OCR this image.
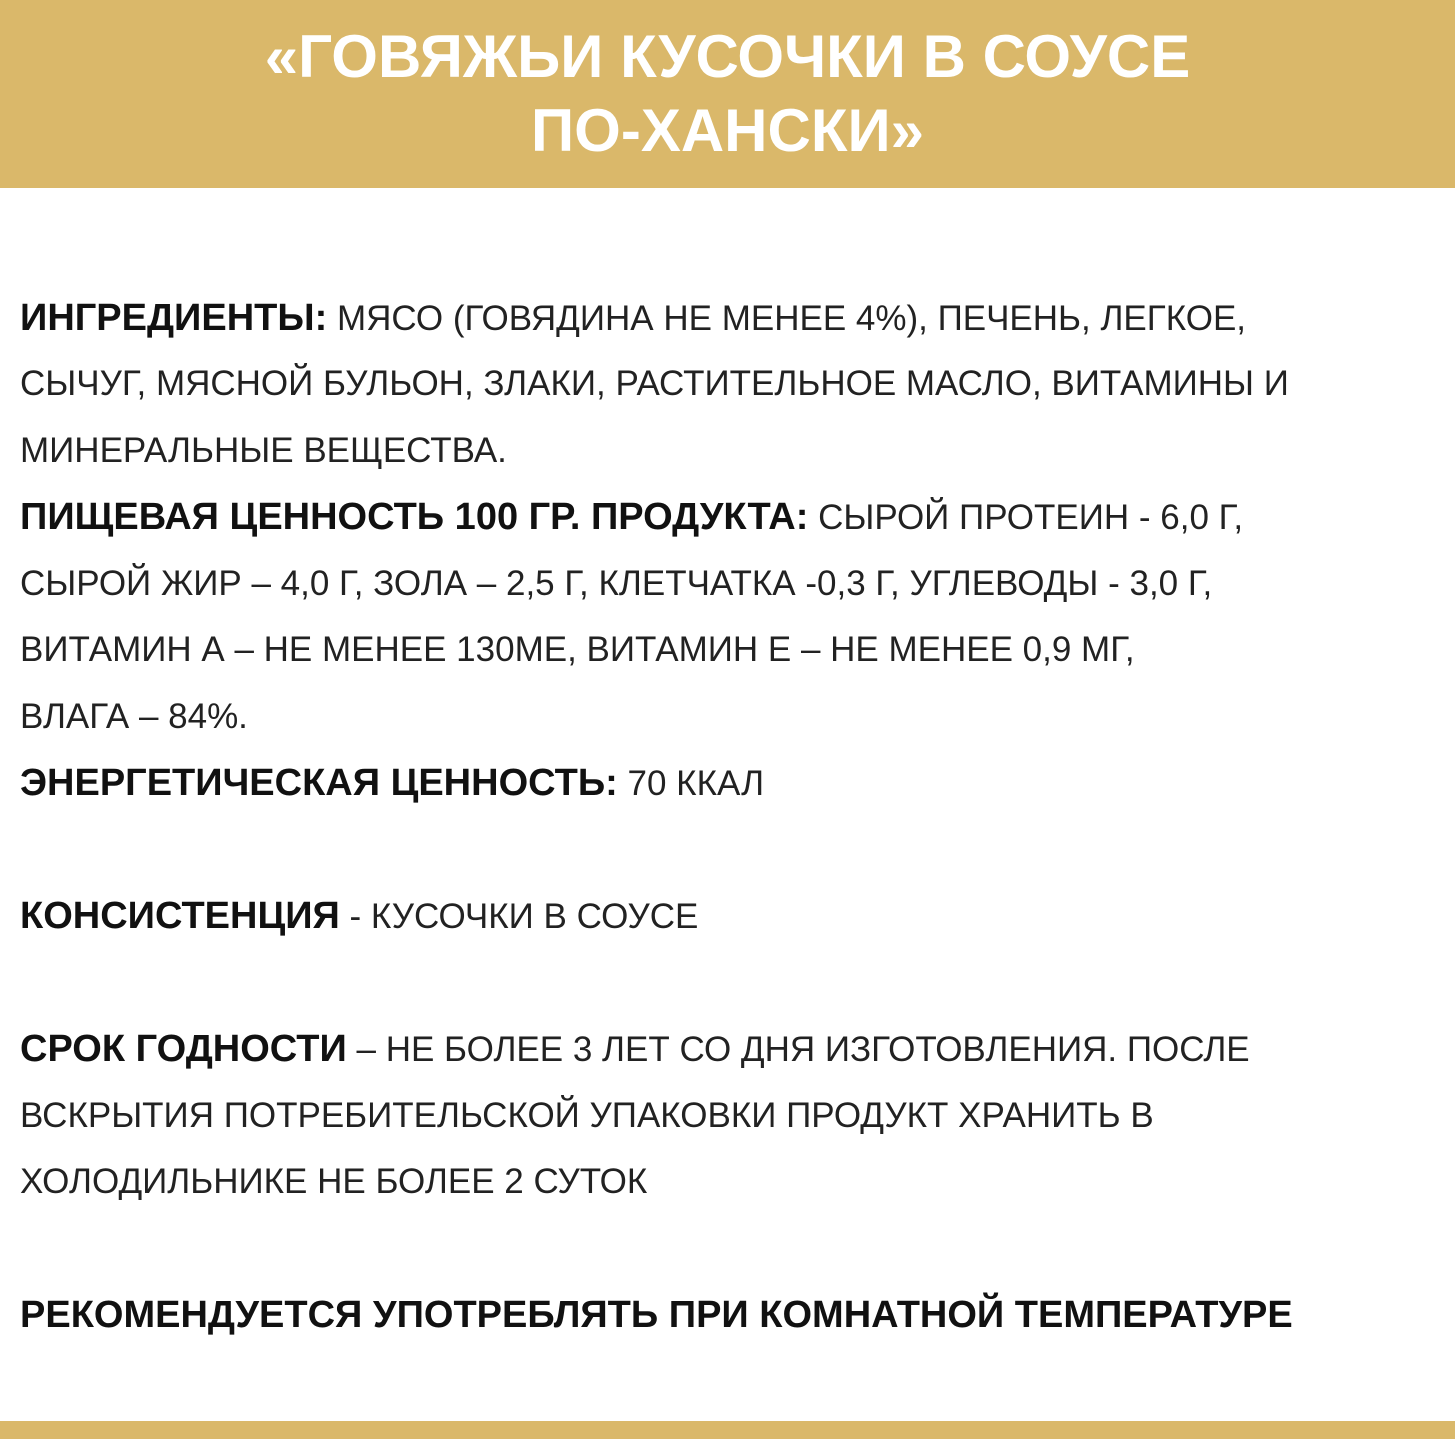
«ГОВЯЖЬИ КУСОЧКИ В СОУСЕ
ПО-ХАНСКИ»
ИНГРЕДИЕНТЫ: МЯСО (ГОВЯДИНА НЕ МЕНЕЕ 4%), ПЕЧЕНЬ, ЛЕГКОЕ,
СЫЧУГ, МЯСНОЙ БУЛЬОН, ЗЛАКИ, РАСТИТЕЛЬНОЕ МАСЛО, ВИТАМИНЫ И
МИНЕРАЛЬНЫЕ ВЕЩЕСТВА.
ПИЩЕВАЯ ЦЕННОСТЬ 100 ГР. ПРОДУКТА: СЫРОЙ ПРОТЕИН - 6,0 Г,
СЫРОЙ ЖИР – 4,0 Г, ЗОЛА – 2,5 Г, КЛЕТЧАТКА -0,3 Г, УГЛЕВОДЫ - 3,0 Г,
ВИТАМИН А – НЕ МЕНЕЕ 130МЕ, ВИТАМИН Е – НЕ МЕНЕЕ 0,9 МГ,
ВЛАГА – 84%.
ЭНЕРГЕТИЧЕСКАЯ ЦЕННОСТЬ: 70 ККАЛ
КОНСИСТЕНЦИЯ - КУСОЧКИ В СОУСЕ
СРОК ГОДНОСТИ – НЕ БОЛЕЕ 3 ЛЕТ СО ДНЯ ИЗГОТОВЛЕНИЯ. ПОСЛЕ
ВСКРЫТИЯ ПОТРЕБИТЕЛЬСКОЙ УПАКОВКИ ПРОДУКТ ХРАНИТЬ В
ХОЛОДИЛЬНИКЕ НЕ БОЛЕЕ 2 СУТОК
РЕКОМЕНДУЕТСЯ УПОТРЕБЛЯТЬ ПРИ КОМНАТНОЙ ТЕМПЕРАТУРЕ
